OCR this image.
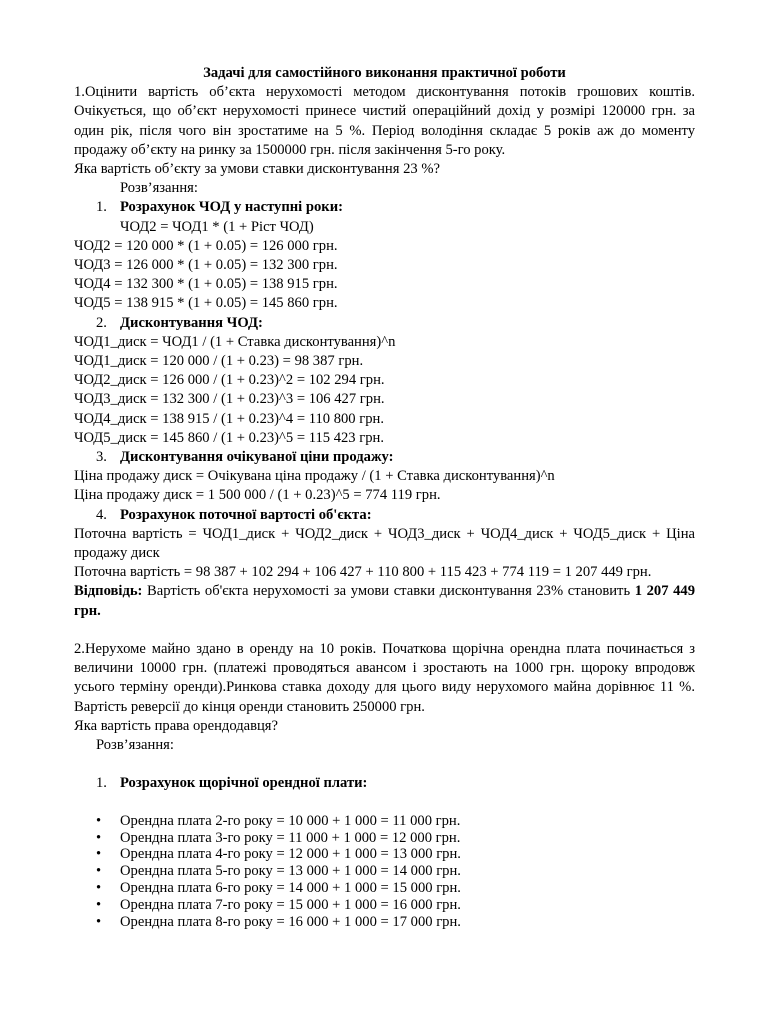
Задачі для самостійного виконання практичної роботи

1.Оцінити вартість об’єкта нерухомості методом дисконтування потоків грошових коштів. Очікується, що об’єкт нерухомості принесе чистий операційний дохід у розмірі 120000 грн. за один рік, після чого він зростатиме на 5 %. Період володіння складає 5 років аж до моменту продажу об’єкту на ринку за 1500000 грн. після закінчення 5-го року.

Яка вартість об’єкту за умови ставки дисконтування 23 %?

Розв’язання:

1. Розрахунок ЧОД у наступні роки:

ЧОД2 = ЧОД1 * (1 + Ріст ЧОД)

ЧОД2 = 120 000 * (1 + 0.05) = 126 000 грн.

ЧОД3 = 126 000 * (1 + 0.05) = 132 300 грн.

ЧОД4 = 132 300 * (1 + 0.05) = 138 915 грн.

ЧОД5 = 138 915 * (1 + 0.05) = 145 860 грн.

2. Дисконтування ЧОД:

ЧОД1_диск = ЧОД1 / (1 + Ставка дисконтування)^n

ЧОД1_диск = 120 000 / (1 + 0.23) = 98 387 грн.

ЧОД2_диск = 126 000 / (1 + 0.23)^2 = 102 294 грн.

ЧОД3_диск = 132 300 / (1 + 0.23)^3 = 106 427 грн.

ЧОД4_диск = 138 915 / (1 + 0.23)^4 = 110 800 грн.

ЧОД5_диск = 145 860 / (1 + 0.23)^5 = 115 423 грн.

3. Дисконтування очікуваної ціни продажу:

Ціна продажу диск = Очікувана ціна продажу / (1 + Ставка дисконтування)^n

Ціна продажу диск = 1 500 000 / (1 + 0.23)^5 = 774 119 грн.

4. Розрахунок поточної вартості об'єкта:

Поточна вартість = ЧОД1_диск + ЧОД2_диск + ЧОД3_диск + ЧОД4_диск + ЧОД5_диск + Ціна продажу диск

Поточна вартість = 98 387 + 102 294 + 106 427 + 110 800 + 115 423 + 774 119 = 1 207 449 грн.

Відповідь: Вартість об'єкта нерухомості за умови ставки дисконтування 23% становить 1 207 449 грн.

2.Нерухоме майно здано в оренду на 10 років. Початкова щорічна орендна плата починається з величини 10000 грн. (платежі проводяться авансом і зростають на 1000 грн. щороку впродовж усього терміну оренди).Ринкова ставка доходу для цього виду нерухомого майна дорівнює 11 %. Вартість реверсії до кінця оренди становить 250000 грн.

Яка вартість права орендодавця?

Розв’язання:

1. Розрахунок щорічної орендної плати:
•
Орендна плата 2-го року = 10 000 + 1 000 = 11 000 грн.
•
Орендна плата 3-го року = 11 000 + 1 000 = 12 000 грн.
•
Орендна плата 4-го року = 12 000 + 1 000 = 13 000 грн.
•
Орендна плата 5-го року = 13 000 + 1 000 = 14 000 грн.
•
Орендна плата 6-го року = 14 000 + 1 000 = 15 000 грн.
•
Орендна плата 7-го року = 15 000 + 1 000 = 16 000 грн.
•
Орендна плата 8-го року = 16 000 + 1 000 = 17 000 грн.
